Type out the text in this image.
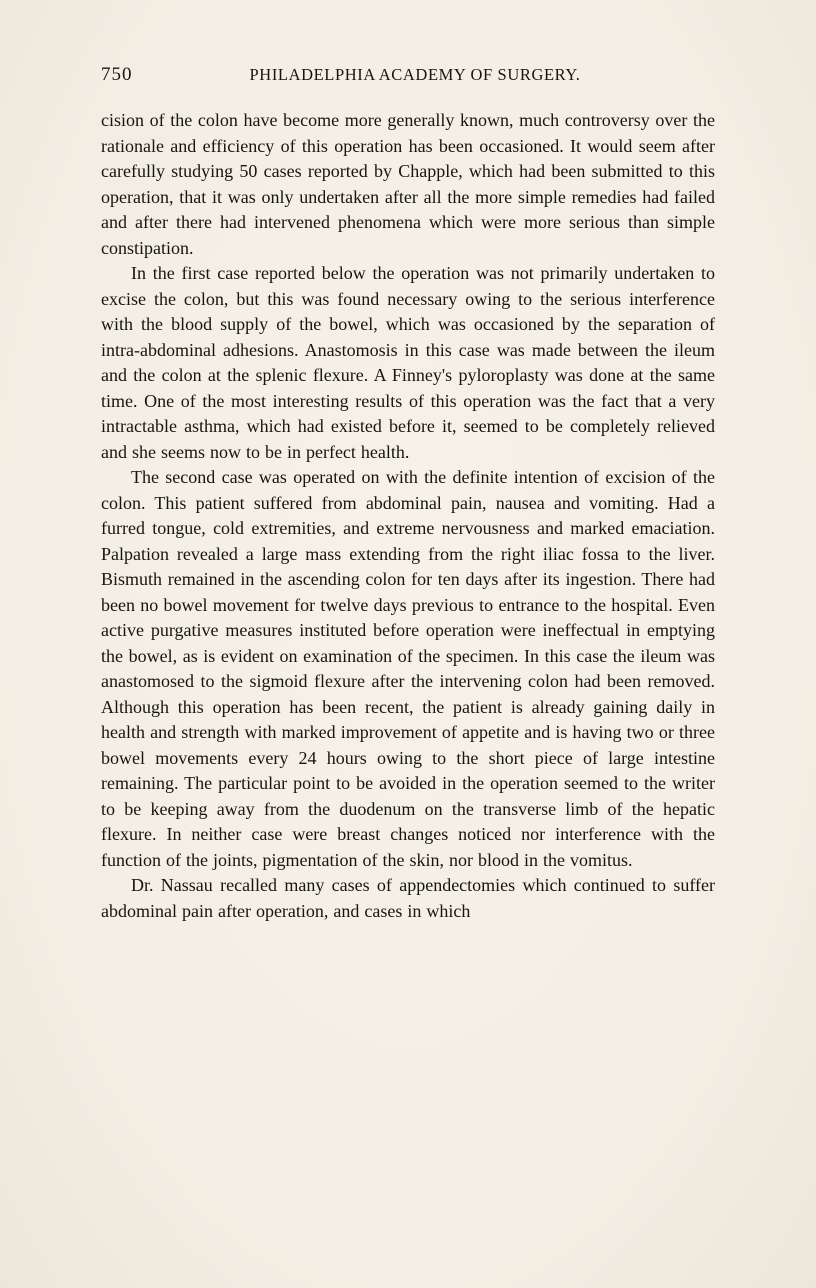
750	PHILADELPHIA ACADEMY OF SURGERY.

cision of the colon have become more generally known, much controversy over the rationale and efficiency of this operation has been occasioned. It would seem after carefully studying 50 cases reported by Chapple, which had been submitted to this operation, that it was only undertaken after all the more simple remedies had failed and after there had intervened phenomena which were more serious than simple constipation.

In the first case reported below the operation was not primarily undertaken to excise the colon, but this was found necessary owing to the serious interference with the blood supply of the bowel, which was occasioned by the separation of intra-abdominal adhesions. Anastomosis in this case was made between the ileum and the colon at the splenic flexure. A Finney's pyloroplasty was done at the same time. One of the most interesting results of this operation was the fact that a very intractable asthma, which had existed before it, seemed to be completely relieved and she seems now to be in perfect health.

The second case was operated on with the definite intention of excision of the colon. This patient suffered from abdominal pain, nausea and vomiting. Had a furred tongue, cold extremities, and extreme nervousness and marked emaciation. Palpation revealed a large mass extending from the right iliac fossa to the liver. Bismuth remained in the ascending colon for ten days after its ingestion. There had been no bowel movement for twelve days previous to entrance to the hospital. Even active purgative measures instituted before operation were ineffectual in emptying the bowel, as is evident on examination of the specimen. In this case the ileum was anastomosed to the sigmoid flexure after the intervening colon had been removed. Although this operation has been recent, the patient is already gaining daily in health and strength with marked improvement of appetite and is having two or three bowel movements every 24 hours owing to the short piece of large intestine remaining. The particular point to be avoided in the operation seemed to the writer to be keeping away from the duodenum on the transverse limb of the hepatic flexure. In neither case were breast changes noticed nor interference with the function of the joints, pigmentation of the skin, nor blood in the vomitus.

Dr. Nassau recalled many cases of appendectomies which continued to suffer abdominal pain after operation, and cases in which
